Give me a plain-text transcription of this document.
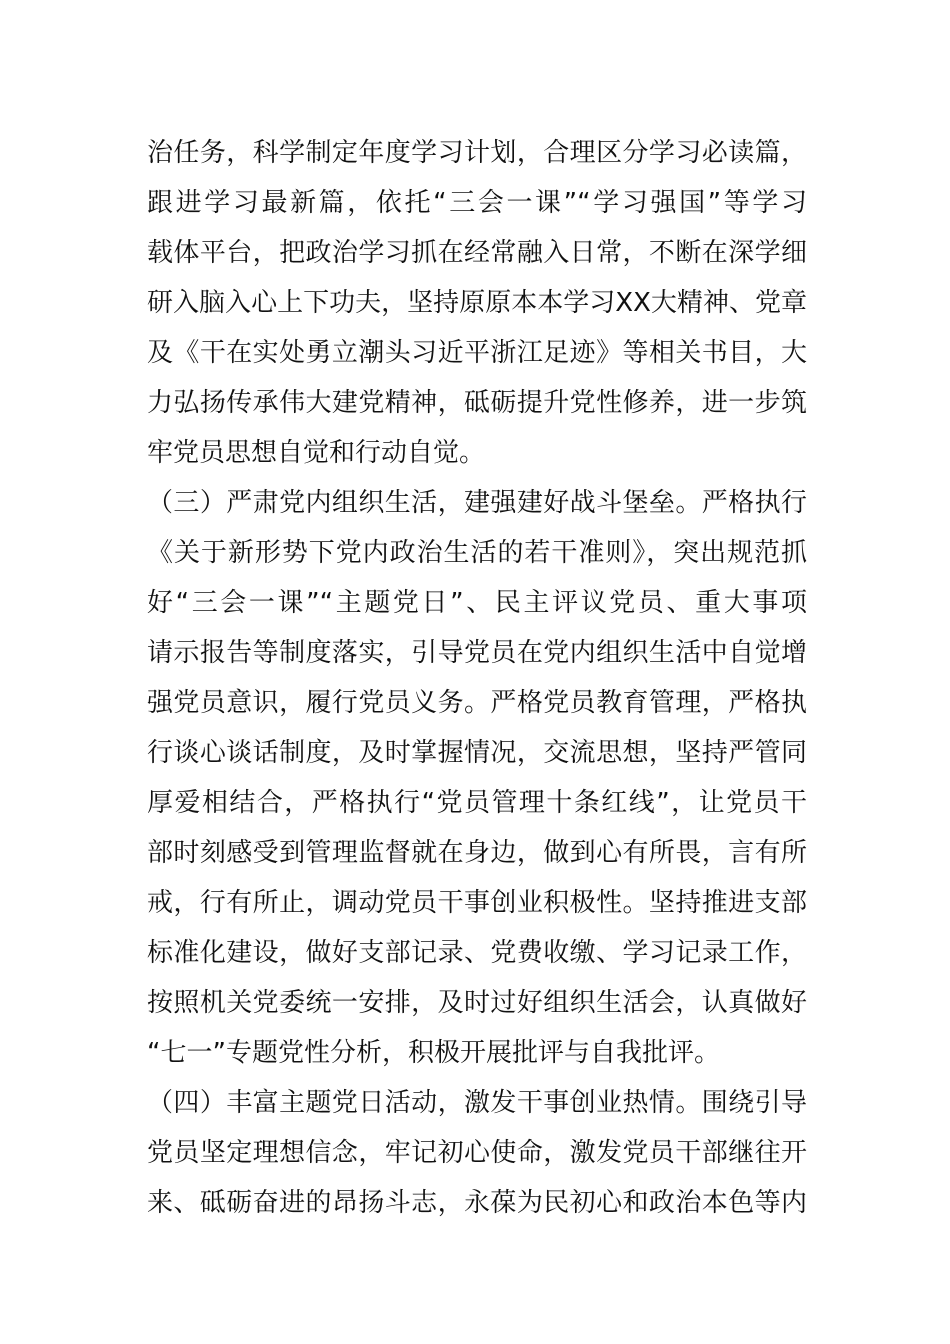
治任务，科学制定年度学习计划，合理区分学习必读篇，
跟进学习最新篇，依托“三会一课”“学习强国”等学习
载体平台，把政治学习抓在经常融入日常，不断在深学细
研入脑入心上下功夫，坚持原原本本学习XX大精神、党章
及《干在实处勇立潮头习近平浙江足迹》等相关书目，大
力弘扬传承伟大建党精神，砥砺提升党性修养，进一步筑
牢党员思想自觉和行动自觉。
（三）严肃党内组织生活，建强建好战斗堡垒。严格执行
《关于新形势下党内政治生活的若干准则》，突出规范抓
好“三会一课”“主题党日”、民主评议党员、重大事项
请示报告等制度落实，引导党员在党内组织生活中自觉增
强党员意识，履行党员义务。严格党员教育管理，严格执
行谈心谈话制度，及时掌握情况，交流思想，坚持严管同
厚爱相结合，严格执行“党员管理十条红线”，让党员干
部时刻感受到管理监督就在身边，做到心有所畏，言有所
戒，行有所止，调动党员干事创业积极性。坚持推进支部
标准化建设，做好支部记录、党费收缴、学习记录工作，
按照机关党委统一安排，及时过好组织生活会，认真做好
“七一”专题党性分析，积极开展批评与自我批评。
（四）丰富主题党日活动，激发干事创业热情。围绕引导
党员坚定理想信念，牢记初心使命，激发党员干部继往开
来、砥砺奋进的昂扬斗志，永葆为民初心和政治本色等内
